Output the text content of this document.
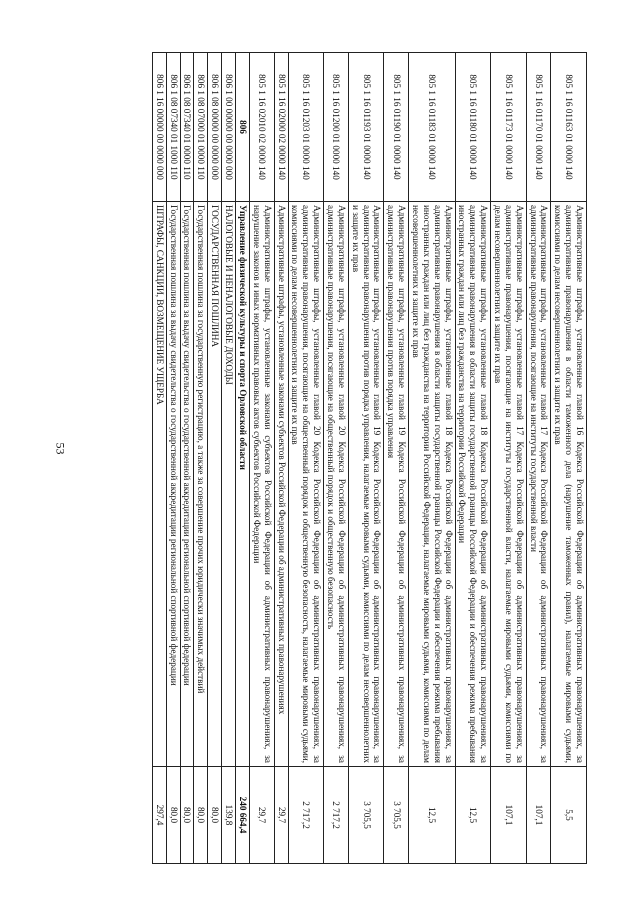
53
805 1 16 01163 01 0000 140	Административные штрафы, установленные главой 16 Кодекса Российской Федерации об административных правонарушениях, за административные правонарушения в области таможенного дела (нарушение таможенных правил), налагаемые мировыми судьями, комиссиями по делам несовершеннолетних и защите их прав	5,5
805 1 16 01170 01 0000 140	Административные штрафы, установленные главой 17 Кодекса Российской Федерации об административных правонарушениях, за административные правонарушения, посягающие на институты государственной власти	107,1
805 1 16 01173 01 0000 140	Административные штрафы, установленные главой 17 Кодекса Российской Федерации об административных правонарушениях, за административные правонарушения, посягающие на институты государственной власти, налагаемые мировыми судьями, комиссиями по делам несовершеннолетних и защите их прав	107,1
805 1 16 01180 01 0000 140	Административные штрафы, установленные главой 18 Кодекса Российской Федерации об административных правонарушениях, за административные правонарушения в области защиты государственной границы Российской Федерации и обеспечения режима пребывания иностранных граждан или лиц без гражданства на территории Российской Федерации	12,5
805 1 16 01183 01 0000 140	Административные штрафы, установленные главой 18 Кодекса Российской Федерации об административных правонарушениях, за административные правонарушения в области защиты государственной границы Российской Федерации и обеспечения режима пребывания иностранных граждан или лиц без гражданства на территории Российской Федерации, налагаемые мировыми судьями, комиссиями по делам несовершеннолетних и защите их прав	12,5
805 1 16 01190 01 0000 140	Административные штрафы, установленные главой 19 Кодекса Российской Федерации об административных правонарушениях, за административные правонарушения против порядка управления	3 705,5
805 1 16 01193 01 0000 140	Административные штрафы, установленные главой 19 Кодекса Российской Федерации об административных правонарушениях, за административные правонарушения против порядка управления, налагаемые мировыми судьями, комиссиями по делам несовершеннолетних и защите их прав	3 705,5
805 1 16 01200 01 0000 140	Административные штрафы, установленные главой 20 Кодекса Российской Федерации об административных правонарушениях, за административные правонарушения, посягающие на общественный порядок и общественную безопасность	2 717,2
805 1 16 01203 01 0000 140	Административные штрафы, установленные главой 20 Кодекса Российской Федерации об административных правонарушениях, за административные правонарушения, посягающие на общественный порядок и общественную безопасность, налагаемые мировыми судьями, комиссиями по делам несовершеннолетних и защите их прав	2 717,2
805 1 16 02000 02 0000 140	Административные штрафы, установленные законами субъектов Российской Федерации об административных правонарушениях	29,7
805 1 16 02010 02 0000 140	Административные штрафы, установленные законами субъектов Российской Федерации об административных правонарушениях, за нарушение законов и иных нормативных правовых актов субъектов Российской Федерации	29,7
806	Управление физической культуры и спорта Орловской области	240 664,4
806 1 00 00000 00 0000 000	НАЛОГОВЫЕ И НЕНАЛОГОВЫЕ ДОХОДЫ	139,8
806 1 08 00000 00 0000 000	ГОСУДАРСТВЕННАЯ ПОШЛИНА	80,0
806 1 08 07000 01 0000 110	Государственная пошлина за государственную регистрацию, а также за совершение прочих юридически значимых действий	80,0
806 1 08 07340 01 0000 110	Государственная пошлина за выдачу свидетельства о государственной аккредитации региональной спортивной федерации	80,0
806 1 08 07340 01 1000 110	Государственная пошлина за выдачу свидетельства о государственной аккредитации региональной спортивной федерации	80,0
806 1 16 00000 00 0000 000	ШТРАФЫ, САНКЦИИ, ВОЗМЕЩЕНИЕ УЩЕРБА	297,4
